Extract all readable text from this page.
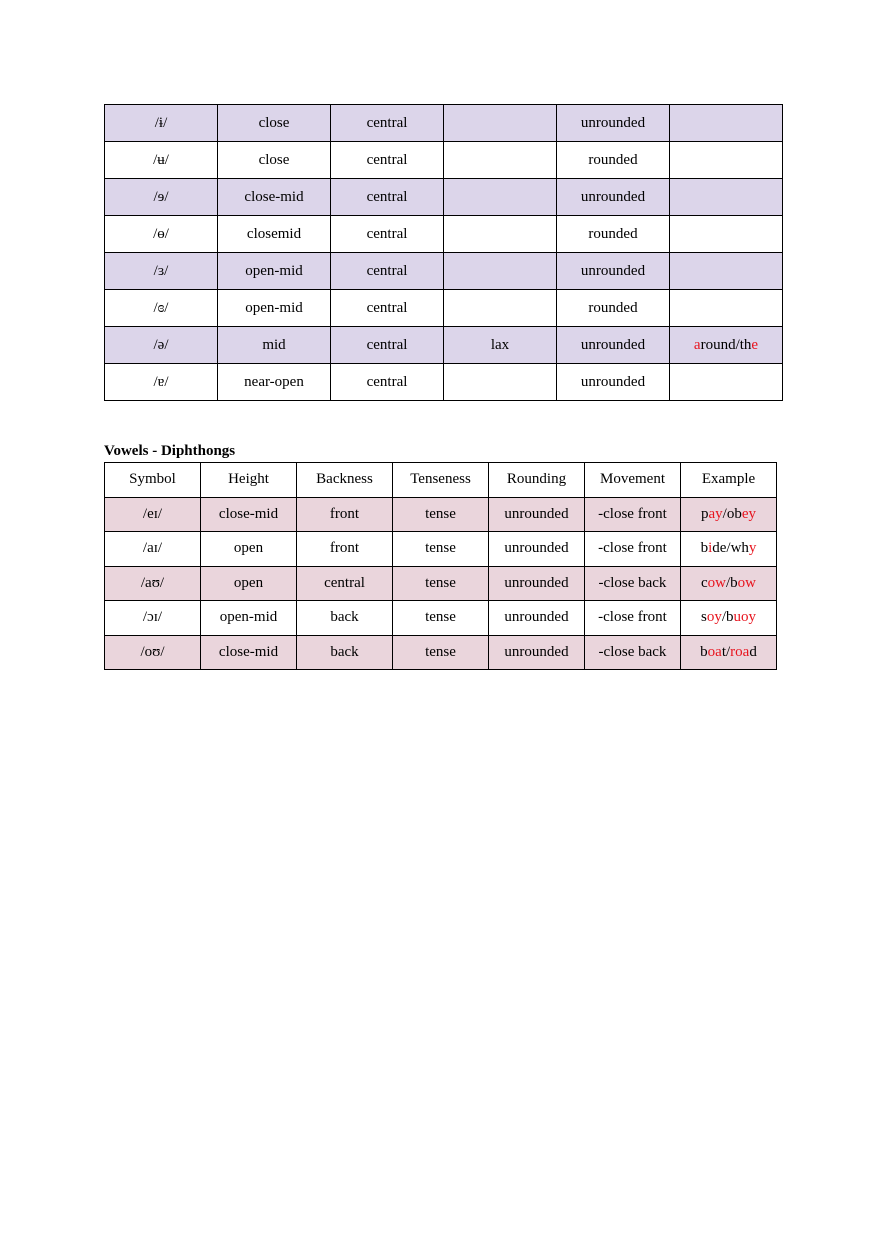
/ɨ/	close	central		unrounded	
/ʉ/	close	central		rounded	
/ɘ/	close-mid	central		unrounded	
/ɵ/	closemid	central		rounded	
/ɜ/	open-mid	central		unrounded	
/ɞ/	open-mid	central		rounded	
/ə/	mid	central	lax	unrounded	around/the
/ɐ/	near-open	central		unrounded	
Vowels - Diphthongs
Symbol	Height	Backness	Tenseness	Rounding	Movement	Example
/eɪ/	close-mid	front	tense	unrounded	-close front	pay/obey
/aɪ/	open	front	tense	unrounded	-close front	bide/why
/aʊ/	open	central	tense	unrounded	-close back	cow/bow
/ɔɪ/	open-mid	back	tense	unrounded	-close front	soy/buoy
/oʊ/	close-mid	back	tense	unrounded	-close back	boat/road
